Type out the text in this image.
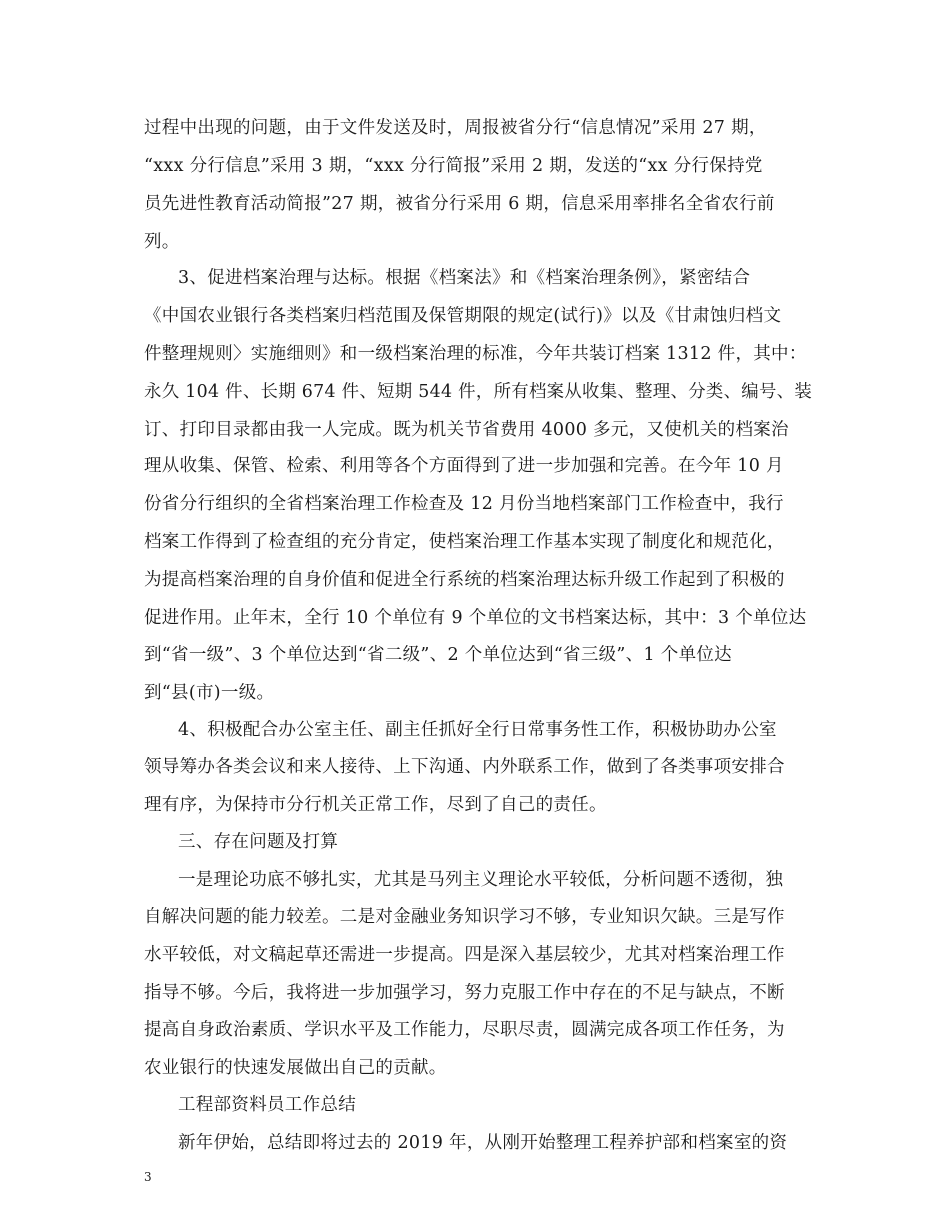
过程中出现的问题，由于文件发送及时，周报被省分行“信息情况”采用 27 期，
“xxx 分行信息”采用 3 期，“xxx 分行简报”采用 2 期，发送的“xx 分行保持党
员先进性教育活动简报”27 期，被省分行采用 6 期，信息采用率排名全省农行前
列。
3、促进档案治理与达标。根据《档案法》和《档案治理条例》，紧密结合
《中国农业银行各类档案归档范围及保管期限的规定(试行)》以及《甘肃蚀归档文
件整理规则〉实施细则》和一级档案治理的标准，今年共装订档案 1312 件，其中：
永久 104 件、长期 674 件、短期 544 件，所有档案从收集、整理、分类、编号、装
订、打印目录都由我一人完成。既为机关节省费用 4000 多元，又使机关的档案治
理从收集、保管、检索、利用等各个方面得到了进一步加强和完善。在今年 10 月
份省分行组织的全省档案治理工作检查及 12 月份当地档案部门工作检查中，我行
档案工作得到了检查组的充分肯定，使档案治理工作基本实现了制度化和规范化，
为提高档案治理的自身价值和促进全行系统的档案治理达标升级工作起到了积极的
促进作用。止年末，全行 10 个单位有 9 个单位的文书档案达标，其中：3 个单位达
到“省一级”、3 个单位达到“省二级”、2 个单位达到“省三级”、1 个单位达
到“县(市)一级。
4、积极配合办公室主任、副主任抓好全行日常事务性工作，积极协助办公室
领导筹办各类会议和来人接待、上下沟通、内外联系工作，做到了各类事项安排合
理有序，为保持市分行机关正常工作，尽到了自己的责任。
三、存在问题及打算
一是理论功底不够扎实，尤其是马列主义理论水平较低，分析问题不透彻，独
自解决问题的能力较差。二是对金融业务知识学习不够，专业知识欠缺。三是写作
水平较低，对文稿起草还需进一步提高。四是深入基层较少，尤其对档案治理工作
指导不够。今后，我将进一步加强学习，努力克服工作中存在的不足与缺点，不断
提高自身政治素质、学识水平及工作能力，尽职尽责，圆满完成各项工作任务，为
农业银行的快速发展做出自己的贡献。
工程部资料员工作总结
新年伊始，总结即将过去的 2019 年，从刚开始整理工程养护部和档案室的资
3
